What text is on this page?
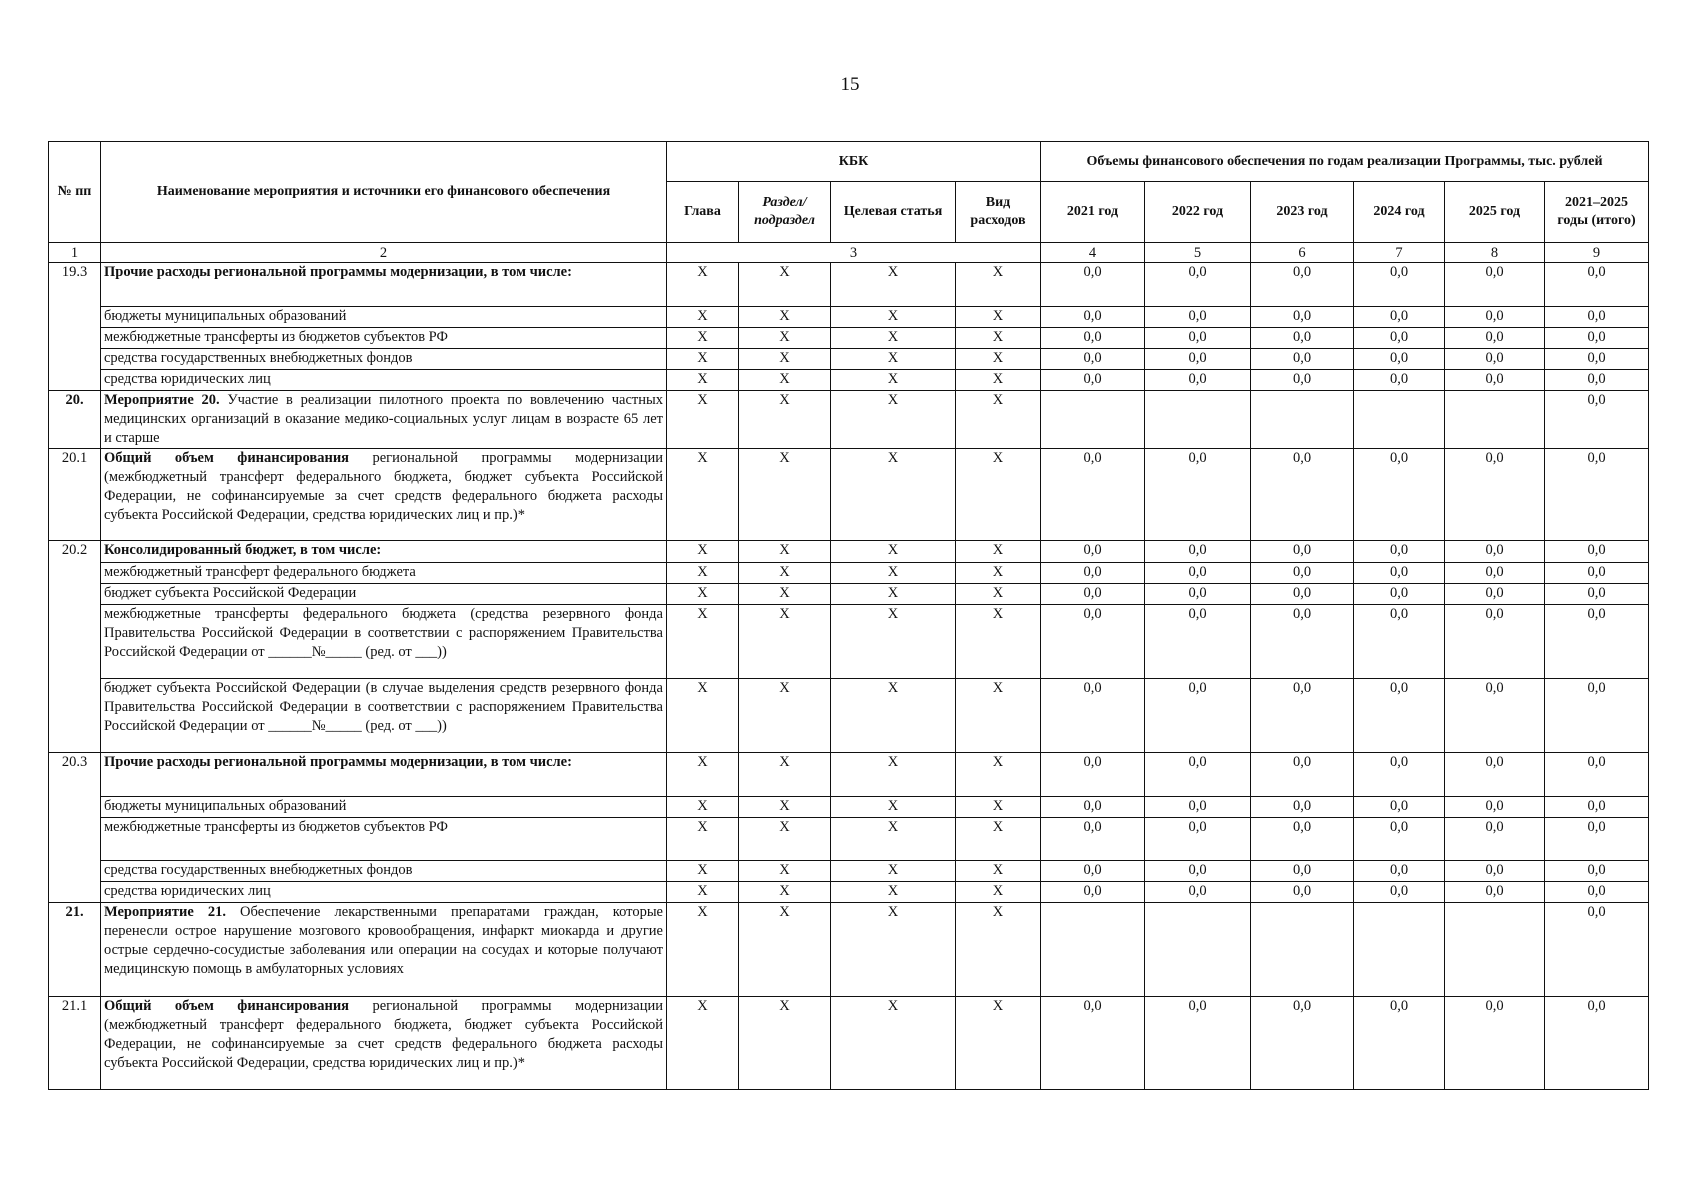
15
№ пп	Наименование мероприятия и источники его финансового обеспечения	КБК				Объемы финансового обеспечения по годам реализации Программы, тыс. рублей					
		Глава	Раздел/ подраздел	Целевая статья	Вид расходов	2021 год	2022 год	2023 год	2024 год	2025 год	2021–2025 годы (итого)
1	2	3				4	5	6	7	8	9
19.3	Прочие расходы региональной программы модернизации, в том числе:	X	X	X	X	0,0	0,0	0,0	0,0	0,0	0,0
	бюджеты муниципальных образований	X	X	X	X	0,0	0,0	0,0	0,0	0,0	0,0
	межбюджетные трансферты из бюджетов субъектов РФ	X	X	X	X	0,0	0,0	0,0	0,0	0,0	0,0
	средства государственных внебюджетных фондов	X	X	X	X	0,0	0,0	0,0	0,0	0,0	0,0
	средства юридических лиц	X	X	X	X	0,0	0,0	0,0	0,0	0,0	0,0
20.	Мероприятие 20. Участие в реализации пилотного проекта по вовлечению частных медицинских организаций в оказание медико-социальных услуг лицам в возрасте 65 лет и старше	X	X	X	X						0,0
20.1	Общий объем финансирования региональной программы модернизации (межбюджетный трансферт федерального бюджета, бюджет субъекта Российской Федерации, не софинансируемые за счет средств федерального бюджета расходы субъекта Российской Федерации, средства юридических лиц и пр.)*	X	X	X	X	0,0	0,0	0,0	0,0	0,0	0,0
20.2	Консолидированный бюджет, в том числе:	X	X	X	X	0,0	0,0	0,0	0,0	0,0	0,0
	межбюджетный трансферт федерального бюджета	X	X	X	X	0,0	0,0	0,0	0,0	0,0	0,0
	бюджет субъекта Российской Федерации	X	X	X	X	0,0	0,0	0,0	0,0	0,0	0,0
	межбюджетные трансферты федерального бюджета (средства резервного фонда Правительства Российской Федерации в соответствии с распоряжением Правительства Российской Федерации от ______№_____ (ред. от ___))	X	X	X	X	0,0	0,0	0,0	0,0	0,0	0,0
	бюджет субъекта Российской Федерации (в случае выделения средств резервного фонда Правительства Российской Федерации в соответствии с распоряжением Правительства Российской Федерации от ______№_____ (ред. от ___))	X	X	X	X	0,0	0,0	0,0	0,0	0,0	0,0
20.3	Прочие расходы региональной программы модернизации, в том числе:	X	X	X	X	0,0	0,0	0,0	0,0	0,0	0,0
	бюджеты муниципальных образований	X	X	X	X	0,0	0,0	0,0	0,0	0,0	0,0
	межбюджетные трансферты из бюджетов субъектов РФ	X	X	X	X	0,0	0,0	0,0	0,0	0,0	0,0
	средства государственных внебюджетных фондов	X	X	X	X	0,0	0,0	0,0	0,0	0,0	0,0
	средства юридических лиц	X	X	X	X	0,0	0,0	0,0	0,0	0,0	0,0
21.	Мероприятие 21. Обеспечение лекарственными препаратами граждан, которые перенесли острое нарушение мозгового кровообращения, инфаркт миокарда и другие острые сердечно-сосудистые заболевания или операции на сосудах и которые получают медицинскую помощь в амбулаторных условиях	X	X	X	X						0,0
21.1	Общий объем финансирования региональной программы модернизации (межбюджетный трансферт федерального бюджета, бюджет субъекта Российской Федерации, не софинансируемые за счет средств федерального бюджета расходы субъекта Российской Федерации, средства юридических лиц и пр.)*	X	X	X	X	0,0	0,0	0,0	0,0	0,0	0,0
